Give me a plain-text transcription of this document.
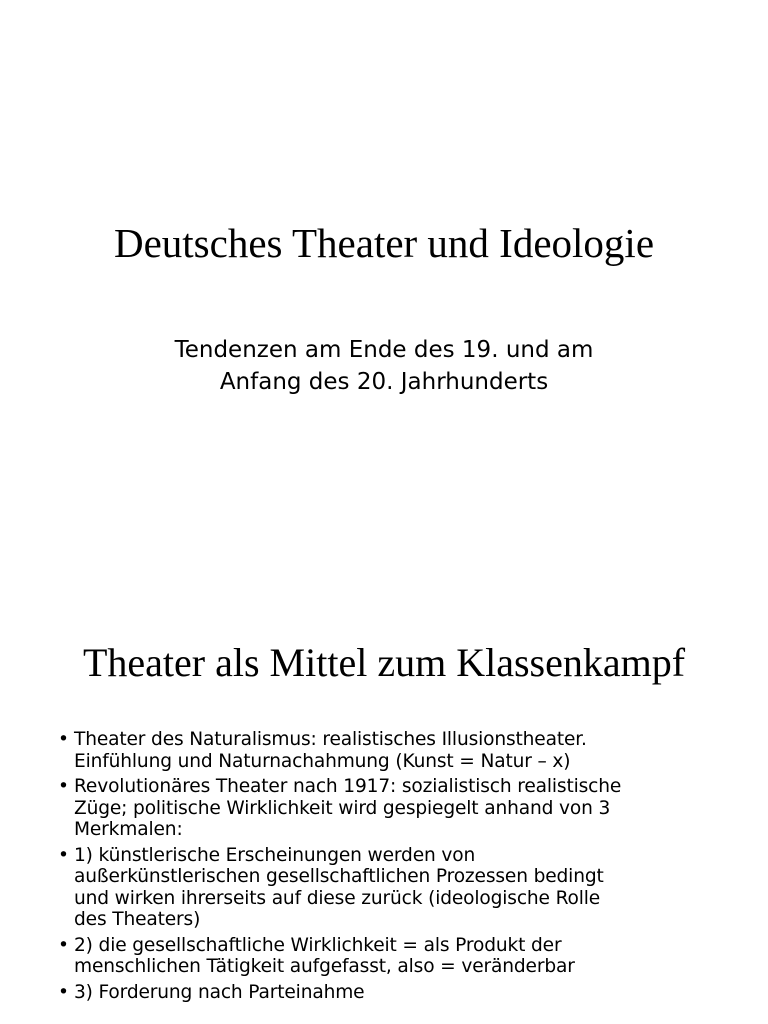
Deutsches Theater und Ideologie

Tendenzen am Ende des 19. und am
Anfang des 20. Jahrhunderts

Theater als Mittel zum Klassenkampf
• Theater des Naturalismus: realistisches Illusionstheater.
Einfühlung und Naturnachahmung (Kunst = Natur – x)
• Revolutionäres Theater nach 1917: sozialistisch realistische
Züge; politische Wirklichkeit wird gespiegelt anhand von 3
Merkmalen:
• 1) künstlerische Erscheinungen werden von
außerkünstlerischen gesellschaftlichen Prozessen bedingt
und wirken ihrerseits auf diese zurück (ideologische Rolle
des Theaters)
• 2) die gesellschaftliche Wirklichkeit = als Produkt der
menschlichen Tätigkeit aufgefasst, also = veränderbar
• 3) Forderung nach Parteinahme
